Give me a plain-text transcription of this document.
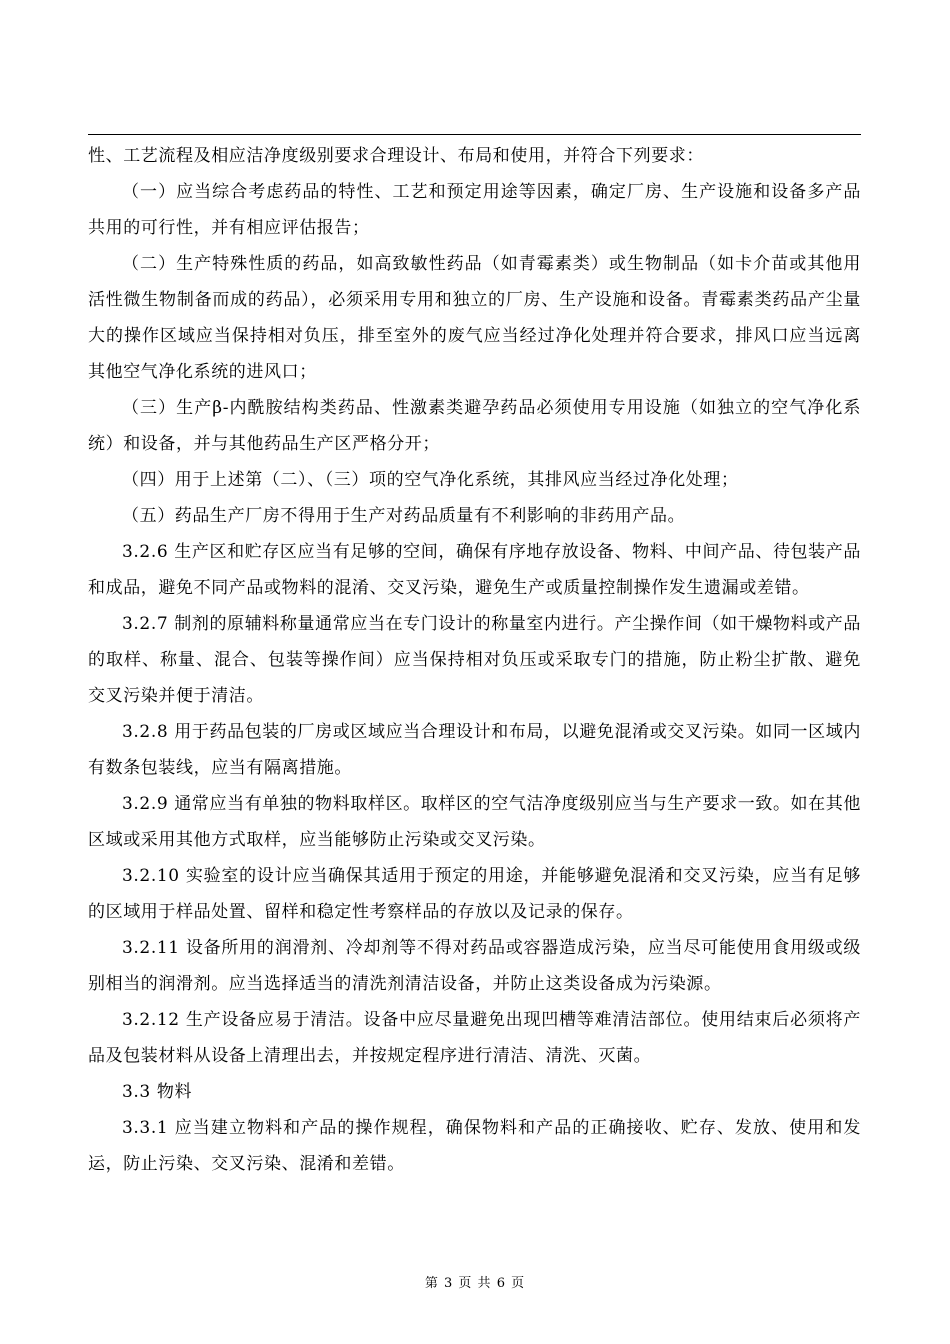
性、工艺流程及相应洁净度级别要求合理设计、布局和使用，并符合下列要求：

（一）应当综合考虑药品的特性、工艺和预定用途等因素，确定厂房、生产设施和设备多产品共用的可行性，并有相应评估报告；

（二）生产特殊性质的药品，如高致敏性药品（如青霉素类）或生物制品（如卡介苗或其他用活性微生物制备而成的药品），必须采用专用和独立的厂房、生产设施和设备。青霉素类药品产尘量大的操作区域应当保持相对负压，排至室外的废气应当经过净化处理并符合要求，排风口应当远离其他空气净化系统的进风口；

（三）生产β-内酰胺结构类药品、性激素类避孕药品必须使用专用设施（如独立的空气净化系统）和设备，并与其他药品生产区严格分开；

（四）用于上述第（二）、（三）项的空气净化系统，其排风应当经过净化处理；

（五）药品生产厂房不得用于生产对药品质量有不利影响的非药用产品。

3.2.6 生产区和贮存区应当有足够的空间，确保有序地存放设备、物料、中间产品、待包装产品和成品，避免不同产品或物料的混淆、交叉污染，避免生产或质量控制操作发生遗漏或差错。

3.2.7 制剂的原辅料称量通常应当在专门设计的称量室内进行。产尘操作间（如干燥物料或产品的取样、称量、混合、包装等操作间）应当保持相对负压或采取专门的措施，防止粉尘扩散、避免交叉污染并便于清洁。

3.2.8 用于药品包装的厂房或区域应当合理设计和布局，以避免混淆或交叉污染。如同一区域内有数条包装线，应当有隔离措施。

3.2.9 通常应当有单独的物料取样区。取样区的空气洁净度级别应当与生产要求一致。如在其他区域或采用其他方式取样，应当能够防止污染或交叉污染。

3.2.10 实验室的设计应当确保其适用于预定的用途，并能够避免混淆和交叉污染，应当有足够的区域用于样品处置、留样和稳定性考察样品的存放以及记录的保存。

3.2.11 设备所用的润滑剂、冷却剂等不得对药品或容器造成污染，应当尽可能使用食用级或级别相当的润滑剂。应当选择适当的清洗剂清洁设备，并防止这类设备成为污染源。

3.2.12 生产设备应易于清洁。设备中应尽量避免出现凹槽等难清洁部位。使用结束后必须将产品及包装材料从设备上清理出去，并按规定程序进行清洁、清洗、灭菌。

3.3 物料

3.3.1 应当建立物料和产品的操作规程，确保物料和产品的正确接收、贮存、发放、使用和发运，防止污染、交叉污染、混淆和差错。

第 3 页 共 6 页
